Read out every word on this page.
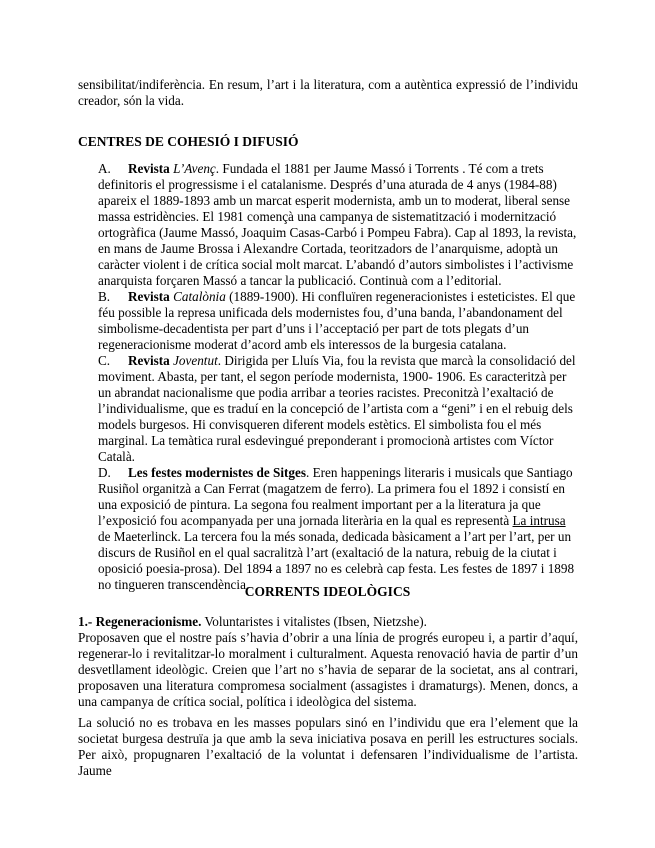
sensibilitat/indiferència. En resum, l’art i la literatura, com a autèntica expressió de l’individu creador, són la vida.

CENTRES DE COHESIÓ I DIFUSIÓ

A. Revista L’Avenç. Fundada el 1881 per Jaume Massó i Torrents . Té com a trets definitoris el progressisme i el catalanisme. Després d’una aturada de 4 anys (1984-88) apareix el 1889-1893 amb un marcat esperit modernista, amb un to moderat, liberal sense massa estridències. El 1981 començà una campanya de sistematització i modernització ortogràfica (Jaume Massó, Joaquim Casas-Carbó i Pompeu Fabra). Cap al 1893, la revista, en mans de Jaume Brossa i Alexandre Cortada, teoritzadors de l’anarquisme, adoptà un caràcter violent i de crítica social molt marcat. L’abandó d’autors simbolistes i l’activisme anarquista forçaren Massó a tancar la publicació. Continuà com a l’editorial.

B. Revista Catalònia (1889-1900). Hi confluïren regeneracionistes i esteticistes. El que féu possible la represa unificada dels modernistes fou, d’una banda, l’abandonament del simbolisme-decadentista per part d’uns i l’acceptació per part de tots plegats d’un regeneracionisme moderat d’acord amb els interessos de la burgesia catalana.

C. Revista Joventut. Dirigida per Lluís Via, fou la revista que marcà la consolidació del moviment. Abasta, per tant, el segon període modernista, 1900- 1906. Es caracteritzà per un abrandat nacionalisme que podia arribar a teories racistes. Preconitzà l’exaltació de l’individualisme, que es traduí en la concepció de l’artista com a “geni” i en el rebuig dels models burgesos. Hi convisqueren diferent models estètics. El simbolista fou el més marginal. La temàtica rural esdevingué preponderant i promocionà artistes com Víctor Català.

D. Les festes modernistes de Sitges. Eren happenings literaris i musicals que Santiago Rusiñol organitzà a Can Ferrat (magatzem de ferro). La primera fou el 1892 i consistí en una exposició de pintura. La segona fou realment important per a la literatura ja que l’exposició fou acompanyada per una jornada literària en la qual es representà La intrusa de Maeterlinck. La tercera fou la més sonada, dedicada bàsicament a l’art per l’art, per un discurs de Rusiñol en el qual sacralitzà l’art (exaltació de la natura, rebuig de la ciutat i oposició poesia-prosa). Del 1894 a 1897 no es celebrà cap festa. Les festes de 1897 i 1898 no tingueren transcendència.

CORRENTS IDEOLÒGICS

1.- Regeneracionisme. Voluntaristes i vitalistes (Ibsen, Nietzshe).

Proposaven que el nostre país s’havia d’obrir a una línia de progrés europeu i, a partir d’aquí, regenerar-lo i revitalitzar-lo moralment i culturalment. Aquesta renovació havia de partir d’un desvetllament ideològic. Creien que l’art no s’havia de separar de la societat, ans al contrari, proposaven una literatura compromesa socialment (assagistes i dramaturgs). Menen, doncs, a una campanya de crítica social, política i ideològica del sistema.

La solució no es trobava en les masses populars sinó en l’individu que era l’element que la societat burgesa destruïa ja que amb la seva iniciativa posava en perill les estructures socials. Per això, propugnaren l’exaltació de la voluntat i defensaren l’individualisme de l’artista. Jaume
